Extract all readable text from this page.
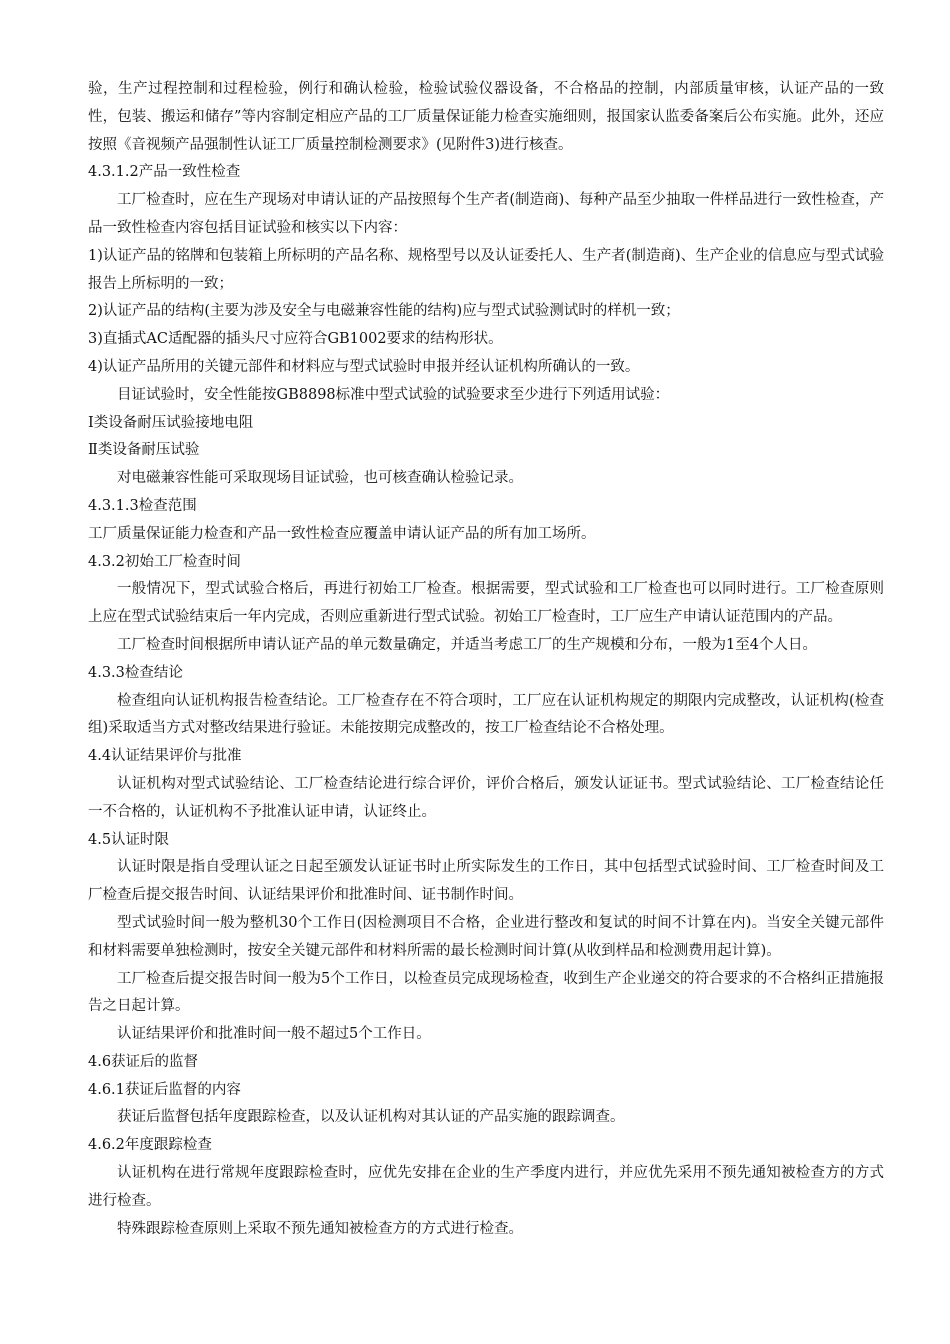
验，生产过程控制和过程检验，例行和确认检验，检验试验仪器设备，不合格品的控制，内部质量审核，认证产品的一致性，包装、搬运和储存”等内容制定相应产品的工厂质量保证能力检查实施细则，报国家认监委备案后公布实施。此外，还应按照《音视频产品强制性认证工厂质量控制检测要求》(见附件3)进行核查。

4.3.1.2产品一致性检查

工厂检查时，应在生产现场对申请认证的产品按照每个生产者(制造商)、每种产品至少抽取一件样品进行一致性检查，产品一致性检查内容包括目证试验和核实以下内容：

1)认证产品的铭牌和包装箱上所标明的产品名称、规格型号以及认证委托人、生产者(制造商)、生产企业的信息应与型式试验报告上所标明的一致；

2)认证产品的结构(主要为涉及安全与电磁兼容性能的结构)应与型式试验测试时的样机一致；

3)直插式AC适配器的插头尺寸应符合GB1002要求的结构形状。

4)认证产品所用的关键元部件和材料应与型式试验时申报并经认证机构所确认的一致。

目证试验时，安全性能按GB8898标准中型式试验的试验要求至少进行下列适用试验：

Ⅰ类设备耐压试验接地电阻

Ⅱ类设备耐压试验

对电磁兼容性能可采取现场目证试验，也可核查确认检验记录。

4.3.1.3检查范围

工厂质量保证能力检查和产品一致性检查应覆盖申请认证产品的所有加工场所。

4.3.2初始工厂检查时间

一般情况下，型式试验合格后，再进行初始工厂检查。根据需要，型式试验和工厂检查也可以同时进行。工厂检查原则上应在型式试验结束后一年内完成，否则应重新进行型式试验。初始工厂检查时，工厂应生产申请认证范围内的产品。

工厂检查时间根据所申请认证产品的单元数量确定，并适当考虑工厂的生产规模和分布，一般为1至4个人日。

4.3.3检查结论

检查组向认证机构报告检查结论。工厂检查存在不符合项时，工厂应在认证机构规定的期限内完成整改，认证机构(检查组)采取适当方式对整改结果进行验证。未能按期完成整改的，按工厂检查结论不合格处理。

4.4认证结果评价与批准

认证机构对型式试验结论、工厂检查结论进行综合评价，评价合格后，颁发认证证书。型式试验结论、工厂检查结论任一不合格的，认证机构不予批准认证申请，认证终止。

4.5认证时限

认证时限是指自受理认证之日起至颁发认证证书时止所实际发生的工作日，其中包括型式试验时间、工厂检查时间及工厂检查后提交报告时间、认证结果评价和批准时间、证书制作时间。

型式试验时间一般为整机30个工作日(因检测项目不合格，企业进行整改和复试的时间不计算在内)。当安全关键元部件和材料需要单独检测时，按安全关键元部件和材料所需的最长检测时间计算(从收到样品和检测费用起计算)。

工厂检查后提交报告时间一般为5个工作日，以检查员完成现场检查，收到生产企业递交的符合要求的不合格纠正措施报告之日起计算。

认证结果评价和批准时间一般不超过5个工作日。

4.6获证后的监督

4.6.1获证后监督的内容

获证后监督包括年度跟踪检查，以及认证机构对其认证的产品实施的跟踪调查。

4.6.2年度跟踪检查

认证机构在进行常规年度跟踪检查时，应优先安排在企业的生产季度内进行，并应优先采用不预先通知被检查方的方式进行检查。

特殊跟踪检查原则上采取不预先通知被检查方的方式进行检查。
